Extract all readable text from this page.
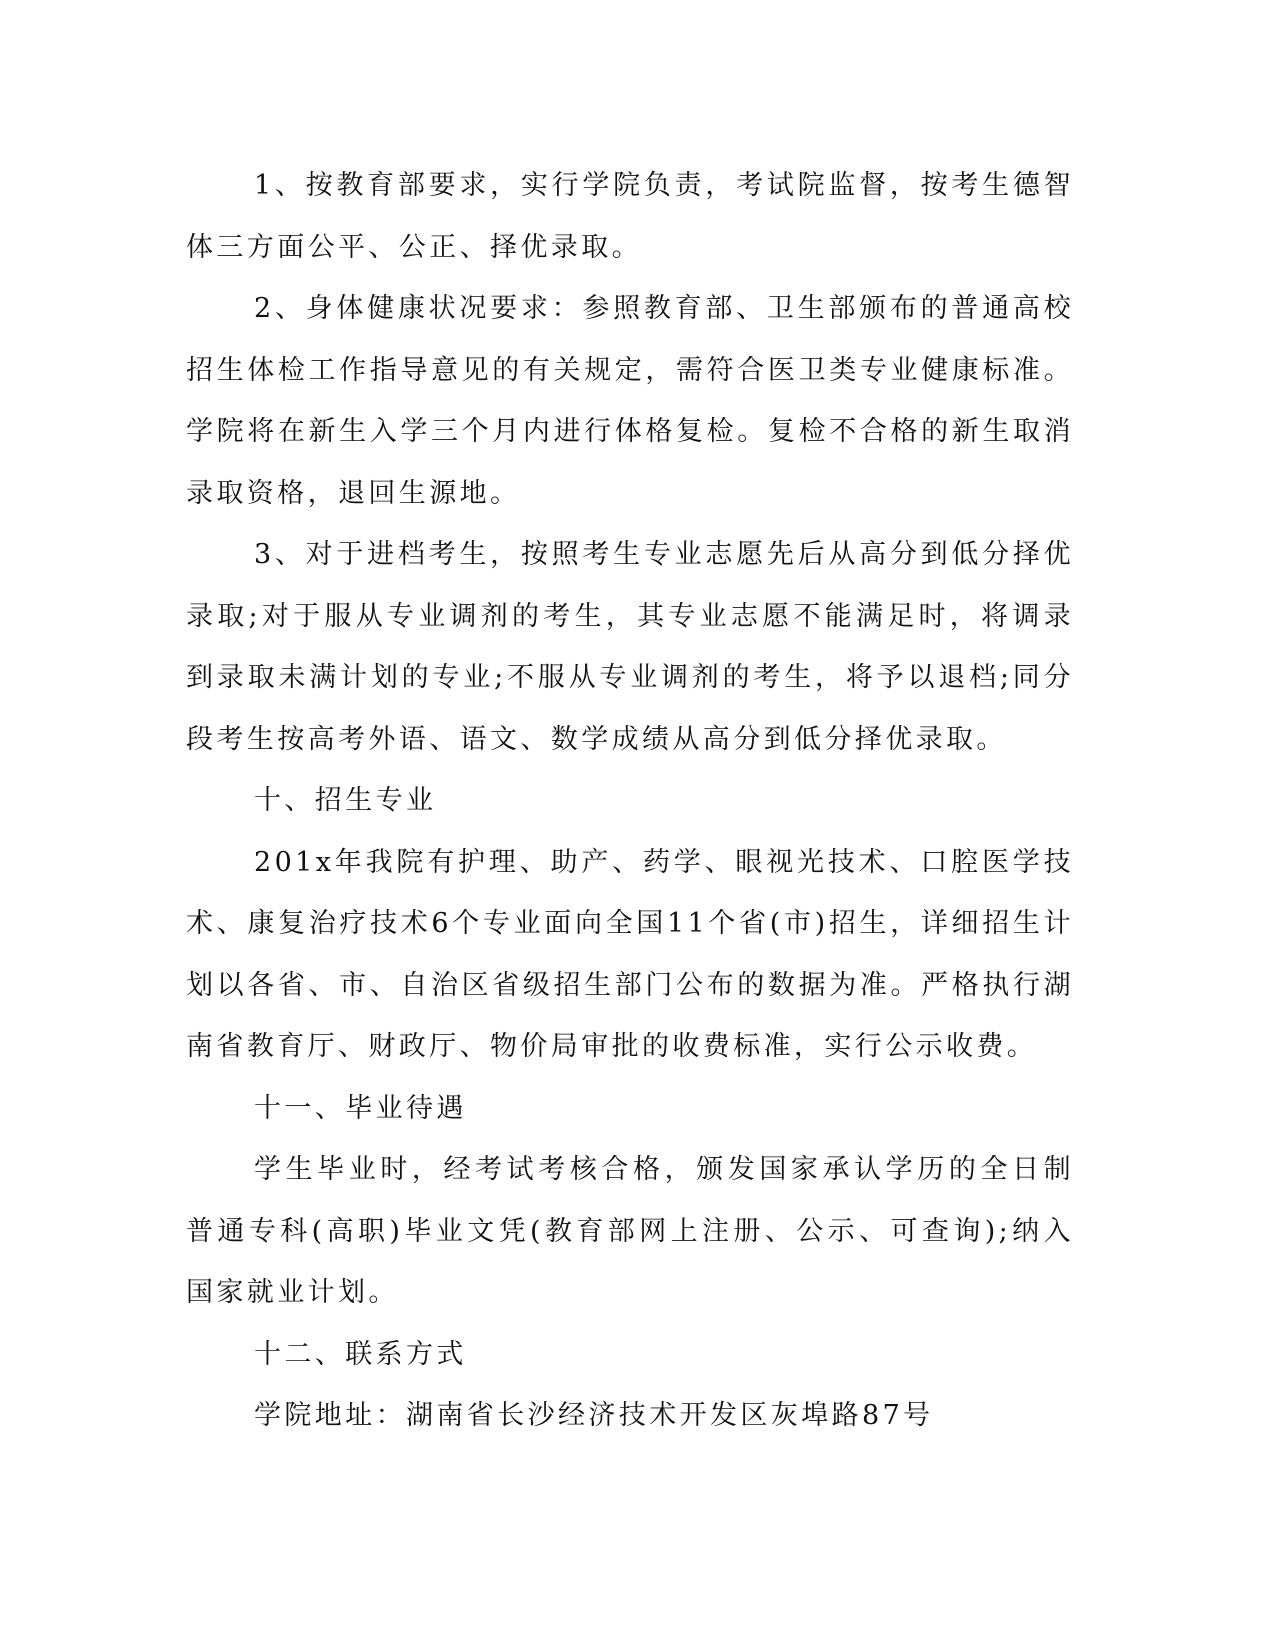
1、按教育部要求，实行学院负责，考试院监督，按考生德智体三方面公平、公正、择优录取。

2、身体健康状况要求：参照教育部、卫生部颁布的普通高校招生体检工作指导意见的有关规定，需符合医卫类专业健康标准。学院将在新生入学三个月内进行体格复检。复检不合格的新生取消录取资格，退回生源地。

3、对于进档考生，按照考生专业志愿先后从高分到低分择优录取;对于服从专业调剂的考生，其专业志愿不能满足时，将调录到录取未满计划的专业;不服从专业调剂的考生，将予以退档;同分段考生按高考外语、语文、数学成绩从高分到低分择优录取。

十、招生专业

201x年我院有护理、助产、药学、眼视光技术、口腔医学技术、康复治疗技术6个专业面向全国11个省(市)招生，详细招生计划以各省、市、自治区省级招生部门公布的数据为准。严格执行湖南省教育厅、财政厅、物价局审批的收费标准，实行公示收费。

十一、毕业待遇

学生毕业时，经考试考核合格，颁发国家承认学历的全日制普通专科(高职)毕业文凭(教育部网上注册、公示、可查询);纳入国家就业计划。

十二、联系方式

学院地址：湖南省长沙经济技术开发区灰埠路87号
